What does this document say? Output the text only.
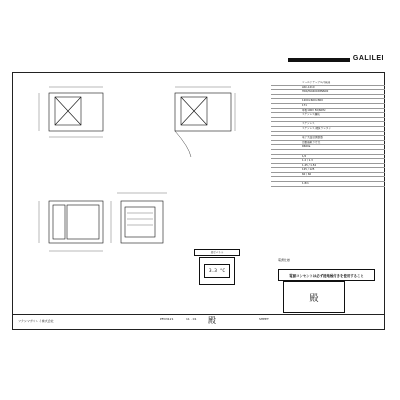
GALILEI
コールドテーブル冷蔵庫
LRC-121X
HRX/W0400X8NNX0
1200×600×800
171
単相100V 50/60Hz
ステンレス鋼板
ステンレス
ステンレス 硬質ウレタン
電子式温度調節器
自動霜取り方式
R600a
1/2
1.2 / 1.3
1.45 / 1.54
125 / 125
60 / 60
1.8m
表示パネル
3.3 °C
電源仕様
電源コンセントは必ず接地極付きを使用すること
殿
フクシマガリレイ株式会社	PFD3121	11 · 01 殿	SHEET
